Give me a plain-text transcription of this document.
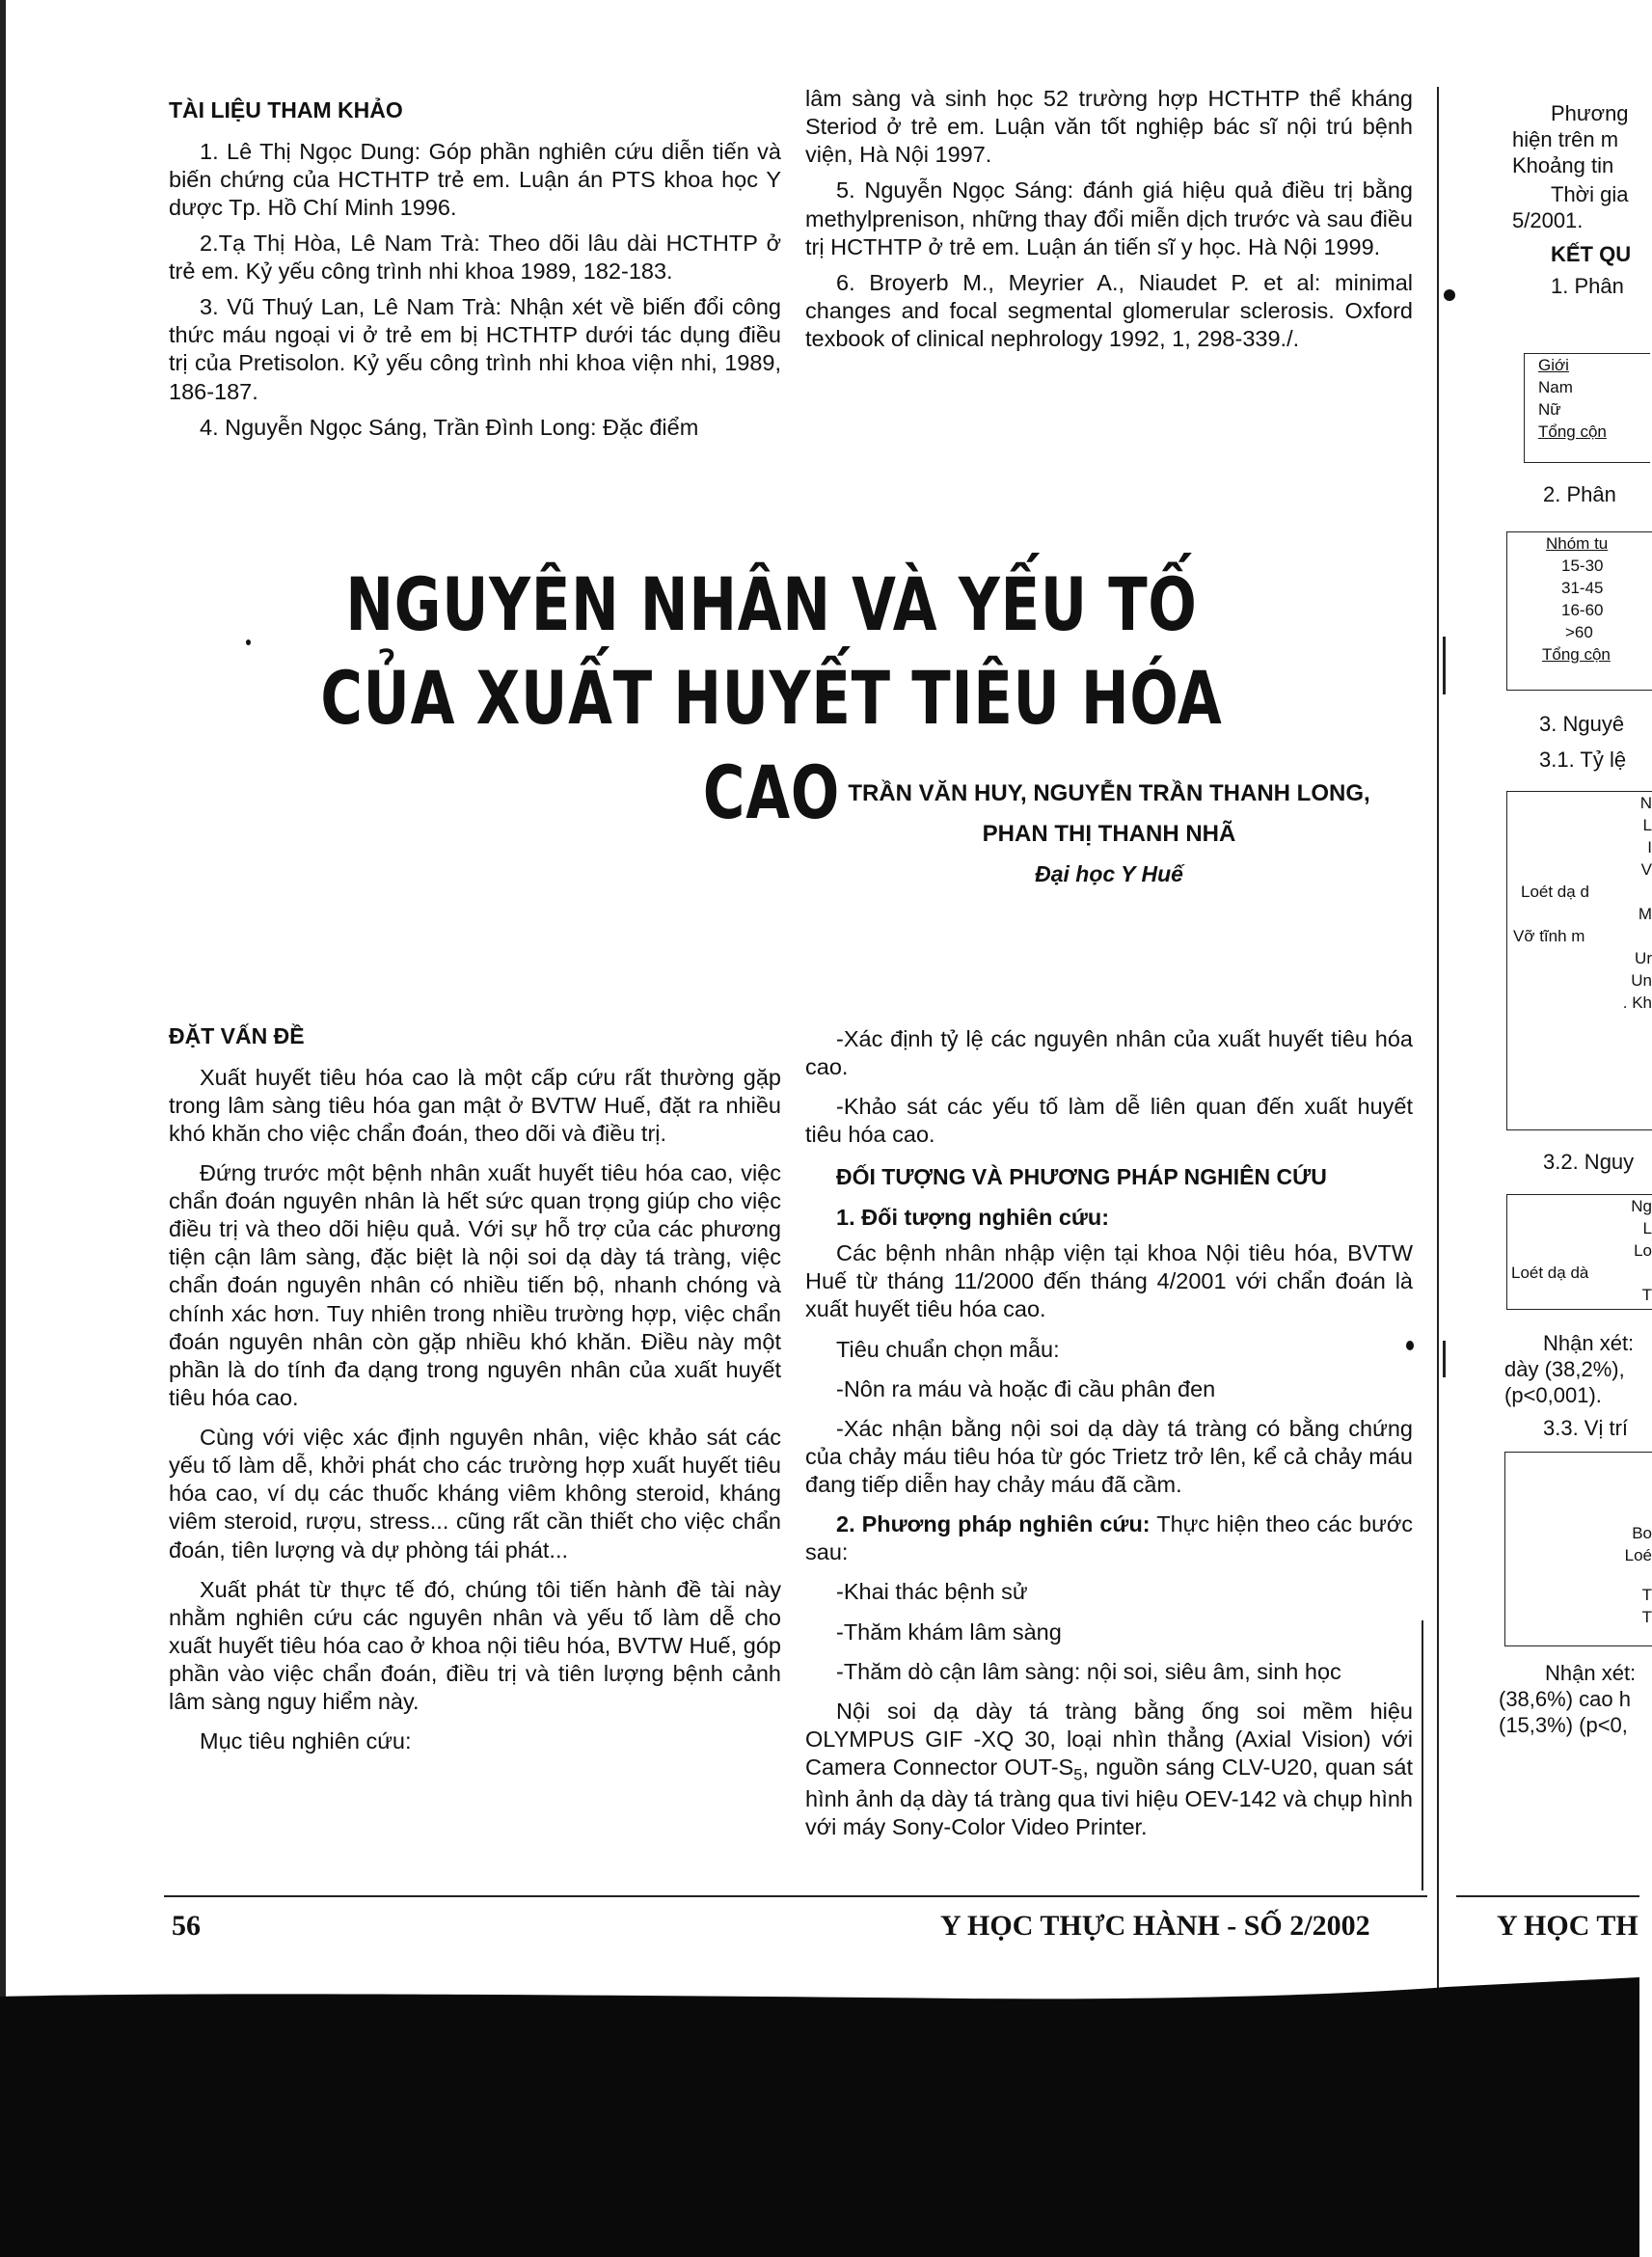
TÀI LIỆU THAM KHẢO

1. Lê Thị Ngọc Dung: Góp phần nghiên cứu diễn tiến và biến chứng của HCTHTP trẻ em. Luận án PTS khoa học Y dược Tp. Hồ Chí Minh 1996.

2.Tạ Thị Hòa, Lê Nam Trà: Theo dõi lâu dài HCTHTP ở trẻ em. Kỷ yếu công trình nhi khoa 1989, 182-183.

3. Vũ Thuý Lan, Lê Nam Trà: Nhận xét về biến đổi công thức máu ngoại vi ở trẻ em bị HCTHTP dưới tác dụng điều trị của Pretisolon. Kỷ yếu công trình nhi khoa viện nhi, 1989, 186-187.

4. Nguyễn Ngọc Sáng, Trần Đình Long: Đặc điểm

lâm sàng và sinh học 52 trường hợp HCTHTP thể kháng Steriod ở trẻ em. Luận văn tốt nghiệp bác sĩ nội trú bệnh viện, Hà Nội 1997.

5. Nguyễn Ngọc Sáng: đánh giá hiệu quả điều trị bằng methylprenison, những thay đổi miễn dịch trước và sau điều trị HCTHTP ở trẻ em. Luận án tiến sĩ y học. Hà Nội 1999.

6. Broyerb M., Meyrier A., Niaudet P. et al: minimal changes and focal segmental glomerular sclerosis. Oxford texbook of clinical nephrology 1992, 1, 298-339./.

NGUYÊN NHÂN VÀ YẾU TỐ
CỦA XUẤT HUYẾT TIÊU HÓA CAO TRẦN VĂN HUY, NGUYỄN TRẦN THANH LONG,
PHAN THỊ THANH NHÃ
Đại học Y Huế
ĐẶT VẤN ĐỀ

Xuất huyết tiêu hóa cao là một cấp cứu rất thường gặp trong lâm sàng tiêu hóa gan mật ở BVTW Huế, đặt ra nhiều khó khăn cho việc chẩn đoán, theo dõi và điều trị.

Đứng trước một bệnh nhân xuất huyết tiêu hóa cao, việc chẩn đoán nguyên nhân là hết sức quan trọng giúp cho việc điều trị và theo dõi hiệu quả. Với sự hỗ trợ của các phương tiện cận lâm sàng, đặc biệt là nội soi dạ dày tá tràng, việc chẩn đoán nguyên nhân có nhiều tiến bộ, nhanh chóng và chính xác hơn. Tuy nhiên trong nhiều trường hợp, việc chẩn đoán nguyên nhân còn gặp nhiều khó khăn. Điều này một phần là do tính đa dạng trong nguyên nhân của xuất huyết tiêu hóa cao.

Cùng với việc xác định nguyên nhân, việc khảo sát các yếu tố làm dễ, khởi phát cho các trường hợp xuất huyết tiêu hóa cao, ví dụ các thuốc kháng viêm không steroid, kháng viêm steroid, rượu, stress... cũng rất cần thiết cho việc chẩn đoán, tiên lượng và dự phòng tái phát...

Xuất phát từ thực tế đó, chúng tôi tiến hành đề tài này nhằm nghiên cứu các nguyên nhân và yếu tố làm dễ cho xuất huyết tiêu hóa cao ở khoa nội tiêu hóa, BVTW Huế, góp phần vào việc chẩn đoán, điều trị và tiên lượng bệnh cảnh lâm sàng nguy hiểm này.

Mục tiêu nghiên cứu:

-Xác định tỷ lệ các nguyên nhân của xuất huyết tiêu hóa cao.

-Khảo sát các yếu tố làm dễ liên quan đến xuất huyết tiêu hóa cao.

ĐỐI TƯỢNG VÀ PHƯƠNG PHÁP NGHIÊN CỨU
1. Đối tượng nghiên cứu:

Các bệnh nhân nhập viện tại khoa Nội tiêu hóa, BVTW Huế từ tháng 11/2000 đến tháng 4/2001 với chẩn đoán là xuất huyết tiêu hóa cao.

Tiêu chuẩn chọn mẫu:

-Nôn ra máu và hoặc đi cầu phân đen

-Xác nhận bằng nội soi dạ dày tá tràng có bằng chứng của chảy máu tiêu hóa từ góc Trietz trở lên, kể cả chảy máu đang tiếp diễn hay chảy máu đã cầm.

2. Phương pháp nghiên cứu: Thực hiện theo các bước sau:

-Khai thác bệnh sử

-Thăm khám lâm sàng

-Thăm dò cận lâm sàng: nội soi, siêu âm, sinh học

Nội soi dạ dày tá tràng bằng ống soi mềm hiệu OLYMPUS GIF -XQ 30, loại nhìn thẳng (Axial Vision) với Camera Connector OUT-$S_5$, nguồn sáng CLV-U20, quan sát hình ảnh dạ dày tá tràng qua tivi hiệu OEV-142 và chụp hình với máy Sony-Color Video Printer.

Phương

hiện trên m

Khoảng tin

Thời gia

5/2001.

KẾT QU

1. Phân

Giới
Nam
Nữ
Tổng cộn

2. Phân

Nhóm tu
15-30
31-45
16-60
>60
Tổng cộn

3. Nguyê

3.1. Tỷ lệ

N
L
I
V
Loét dạ d
M
Vỡ tĩnh m
Ur
Un
. Kh

3.2. Nguy

Ng
L
Lo
Loét dạ dà
T

Nhận xét:

dày (38,2%),

(p<0,001).

3.3. Vị trí

Bo
Loé

T
T

Nhận xét:

(38,6%) cao h

(15,3%) (p<0,

56	Y HỌC THỰC HÀNH - SỐ 2/2002	Y HỌC TH
